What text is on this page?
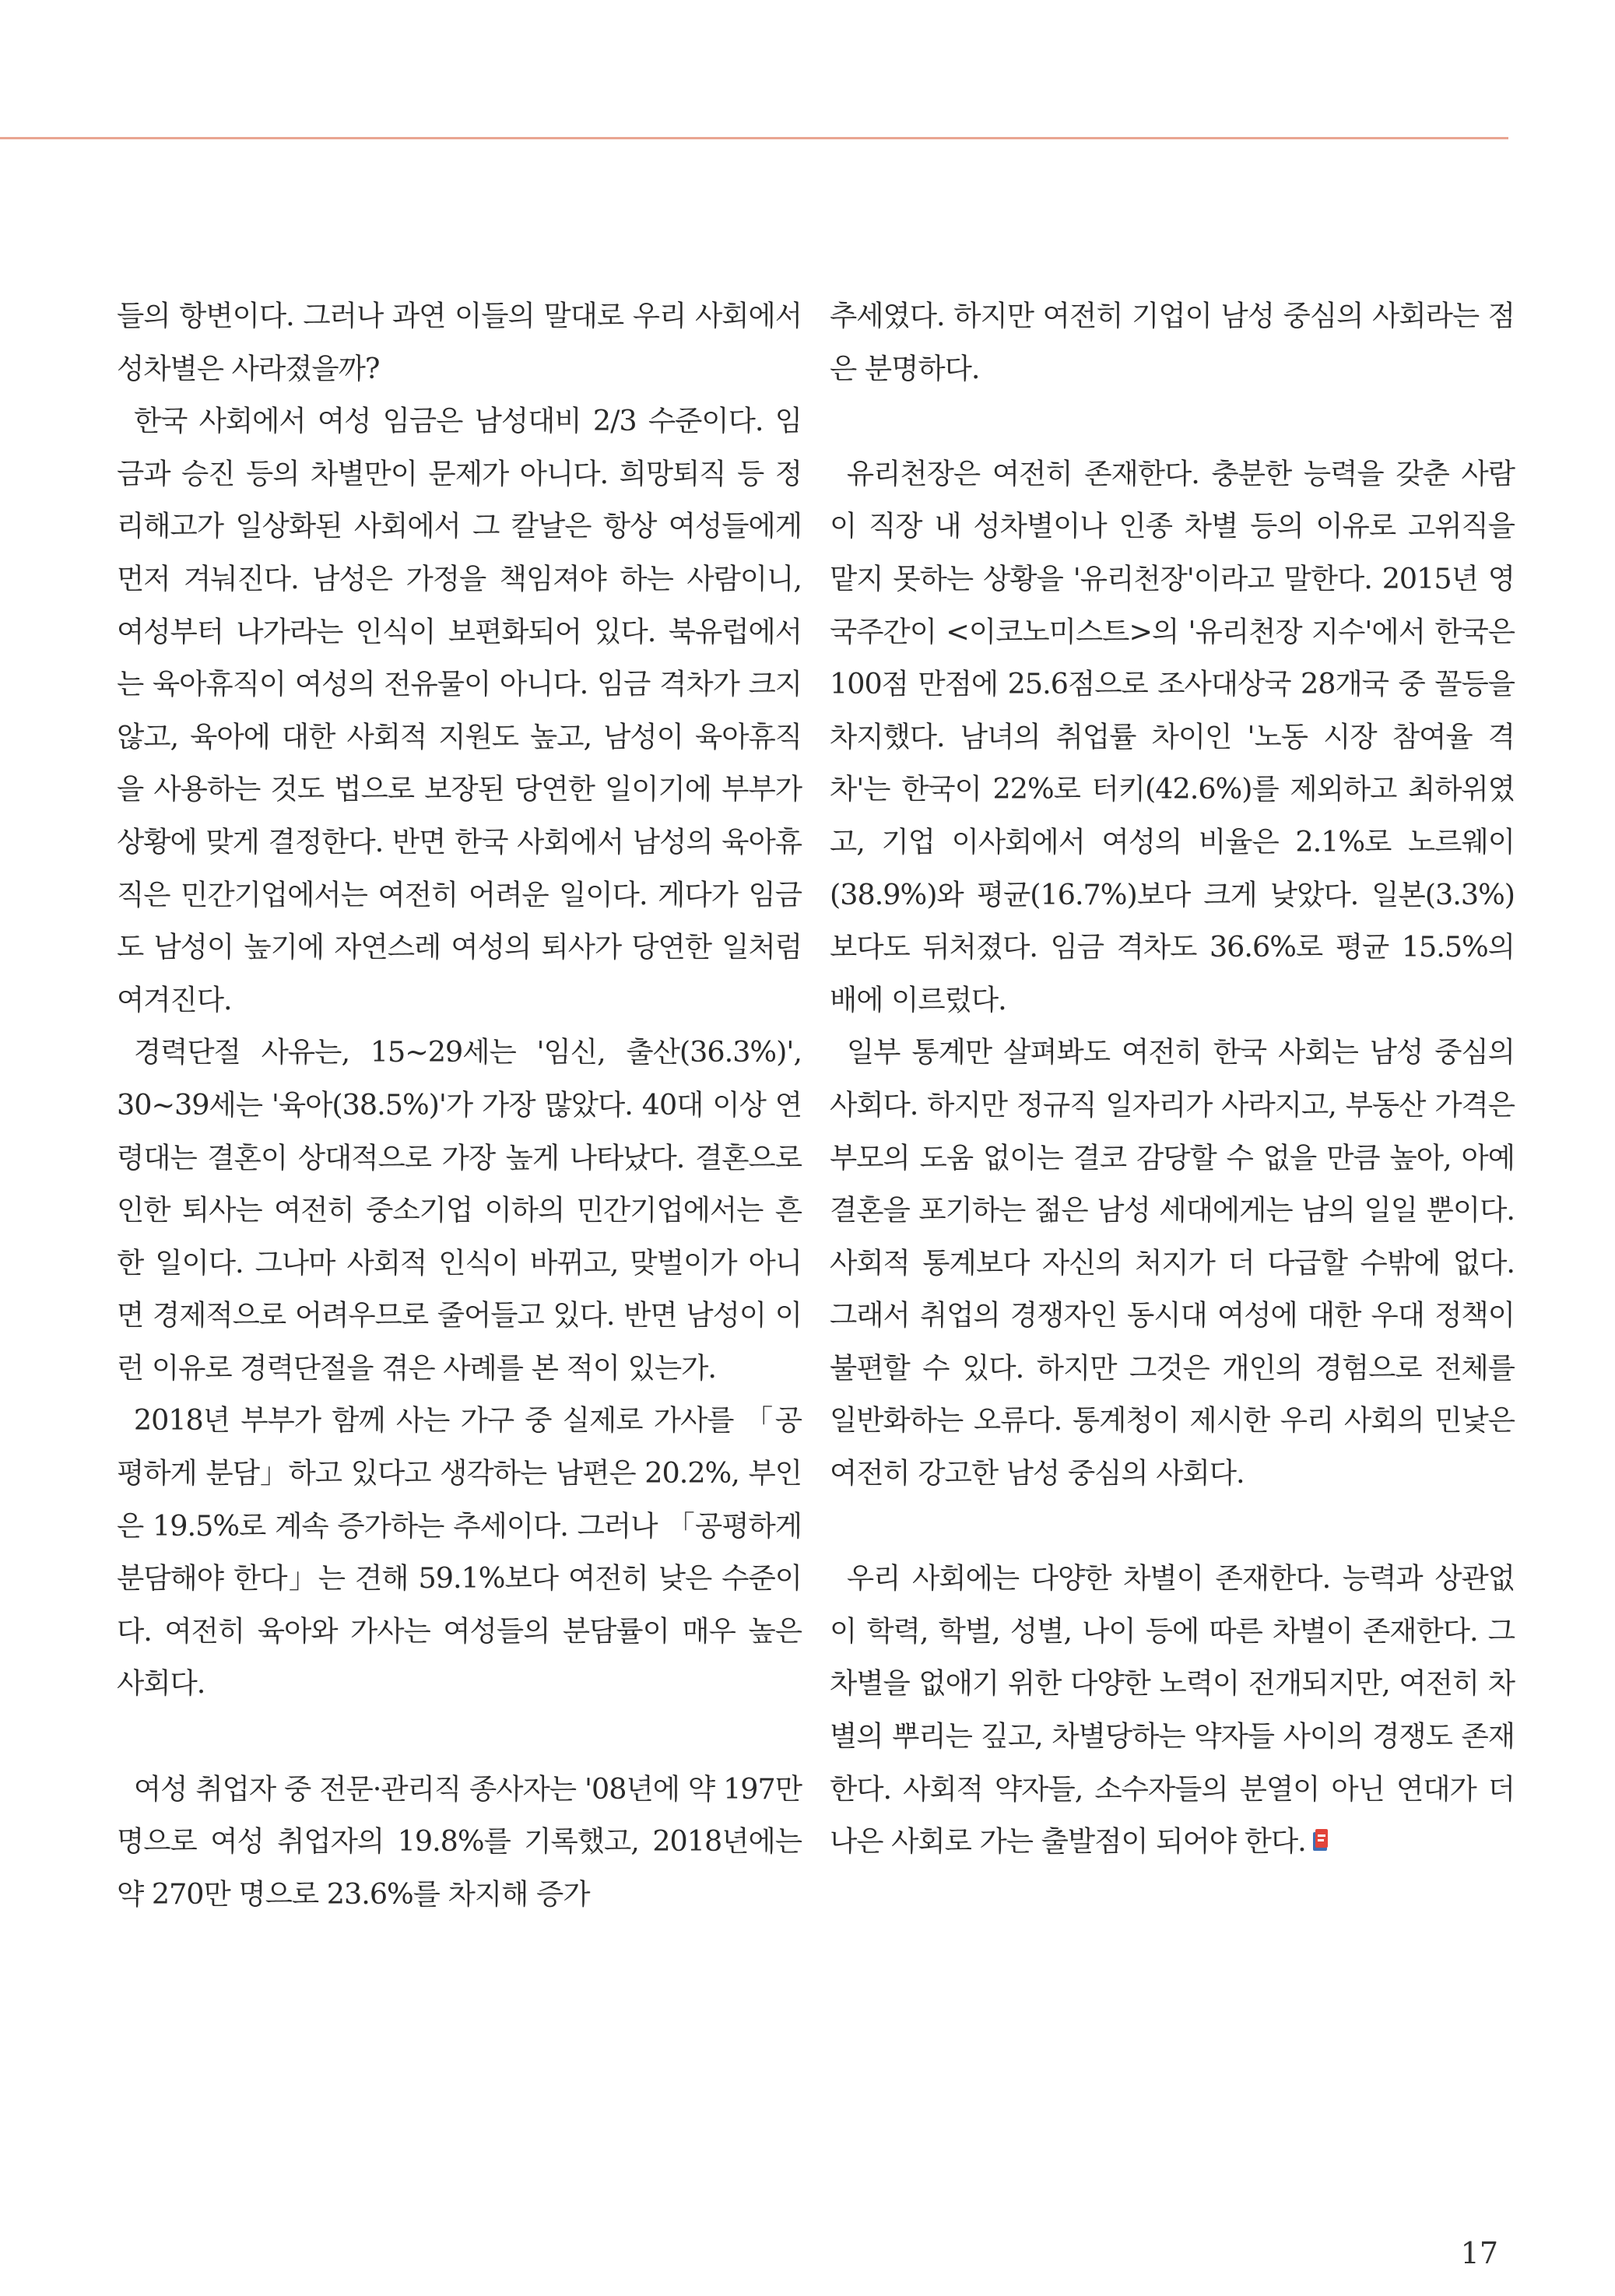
들의 항변이다. 그러나 과연 이들의 말대로 우리 사회에서 성차별은 사라졌을까?

한국 사회에서 여성 임금은 남성대비 2/3 수준이다. 임금과 승진 등의 차별만이 문제가 아니다. 희망퇴직 등 정리해고가 일상화된 사회에서 그 칼날은 항상 여성들에게 먼저 겨눠진다. 남성은 가정을 책임져야 하는 사람이니, 여성부터 나가라는 인식이 보편화되어 있다. 북유럽에서는 육아휴직이 여성의 전유물이 아니다. 임금 격차가 크지 않고, 육아에 대한 사회적 지원도 높고, 남성이 육아휴직을 사용하는 것도 법으로 보장된 당연한 일이기에 부부가 상황에 맞게 결정한다. 반면 한국 사회에서 남성의 육아휴직은 민간기업에서는 여전히 어려운 일이다. 게다가 임금도 남성이 높기에 자연스레 여성의 퇴사가 당연한 일처럼 여겨진다.

경력단절 사유는, 15~29세는 '임신, 출산(36.3%)', 30~39세는 '육아(38.5%)'가 가장 많았다. 40대 이상 연령대는 결혼이 상대적으로 가장 높게 나타났다. 결혼으로 인한 퇴사는 여전히 중소기업 이하의 민간기업에서는 흔한 일이다. 그나마 사회적 인식이 바뀌고, 맞벌이가 아니면 경제적으로 어려우므로 줄어들고 있다. 반면 남성이 이런 이유로 경력단절을 겪은 사례를 본 적이 있는가.

2018년 부부가 함께 사는 가구 중 실제로 가사를 「공평하게 분담」하고 있다고 생각하는 남편은 20.2%, 부인은 19.5%로 계속 증가하는 추세이다. 그러나 「공평하게 분담해야 한다」는 견해 59.1%보다 여전히 낮은 수준이다. 여전히 육아와 가사는 여성들의 분담률이 매우 높은 사회다.

여성 취업자 중 전문·관리직 종사자는 '08년에 약 197만 명으로 여성 취업자의 19.8%를 기록했고, 2018년에는 약 270만 명으로 23.6%를 차지해 증가

추세였다. 하지만 여전히 기업이 남성 중심의 사회라는 점은 분명하다.

유리천장은 여전히 존재한다. 충분한 능력을 갖춘 사람이 직장 내 성차별이나 인종 차별 등의 이유로 고위직을 맡지 못하는 상황을 '유리천장'이라고 말한다. 2015년 영국주간이 <이코노미스트>의 '유리천장 지수'에서 한국은 100점 만점에 25.6점으로 조사대상국 28개국 중 꼴등을 차지했다. 남녀의 취업률 차이인 '노동 시장 참여율 격차'는 한국이 22%로 터키(42.6%)를 제외하고 최하위였고, 기업 이사회에서 여성의 비율은 2.1%로 노르웨이(38.9%)와 평균(16.7%)보다 크게 낮았다. 일본(3.3%)보다도 뒤처졌다. 임금 격차도 36.6%로 평균 15.5%의 배에 이르렀다.

일부 통계만 살펴봐도 여전히 한국 사회는 남성 중심의 사회다. 하지만 정규직 일자리가 사라지고, 부동산 가격은 부모의 도움 없이는 결코 감당할 수 없을 만큼 높아, 아예 결혼을 포기하는 젊은 남성 세대에게는 남의 일일 뿐이다. 사회적 통계보다 자신의 처지가 더 다급할 수밖에 없다. 그래서 취업의 경쟁자인 동시대 여성에 대한 우대 정책이 불편할 수 있다. 하지만 그것은 개인의 경험으로 전체를 일반화하는 오류다. 통계청이 제시한 우리 사회의 민낯은 여전히 강고한 남성 중심의 사회다.

우리 사회에는 다양한 차별이 존재한다. 능력과 상관없이 학력, 학벌, 성별, 나이 등에 따른 차별이 존재한다. 그 차별을 없애기 위한 다양한 노력이 전개되지만, 여전히 차별의 뿌리는 깊고, 차별당하는 약자들 사이의 경쟁도 존재한다. 사회적 약자들, 소수자들의 분열이 아닌 연대가 더 나은 사회로 가는 출발점이 되어야 한다.

17
